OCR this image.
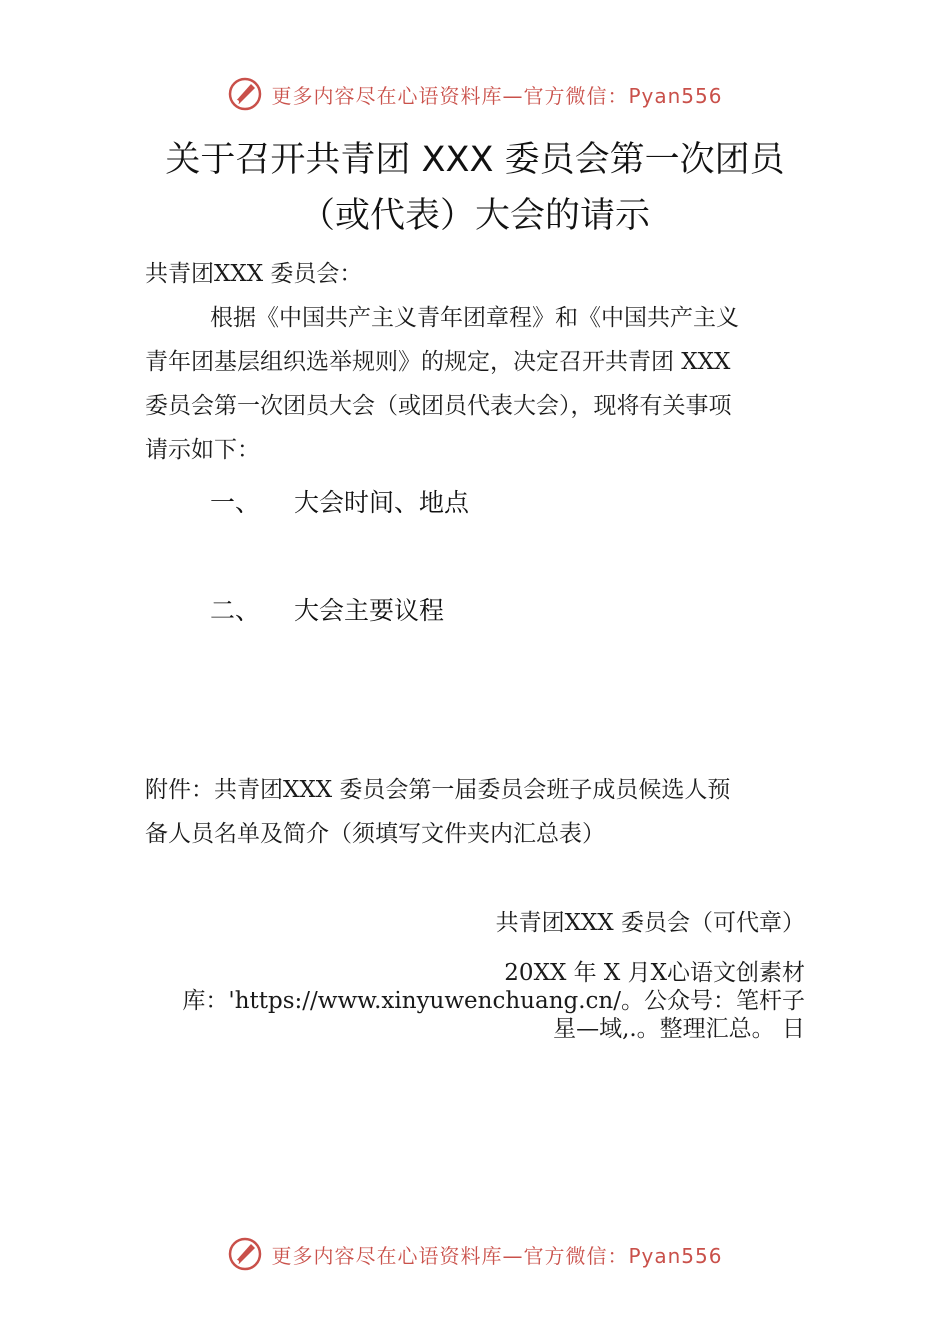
更多内容尽在心语资料库—官方微信：Pyan556
关于召开共青团 XXX 委员会第一次团员
（或代表）大会的请示
共青团XXX 委员会：
根据《中国共产主义青年团章程》和《中国共产主义
青年团基层组织选举规则》的规定，决定召开共青团 XXX
委员会第一次团员大会（或团员代表大会），现将有关事项
请示如下：
一、 大会时间、地点
二、 大会主要议程
附件：共青团XXX 委员会第一届委员会班子成员候选人预
备人员名单及简介（须填写文件夹内汇总表）
共青团XXX 委员会（可代章）
20XX 年 X 月X心语文创素材
库：'https://www.xinyuwenchuang.cn/。公众号：笔杆子
星—域,.。整理汇总。 日
更多内容尽在心语资料库—官方微信：Pyan556
